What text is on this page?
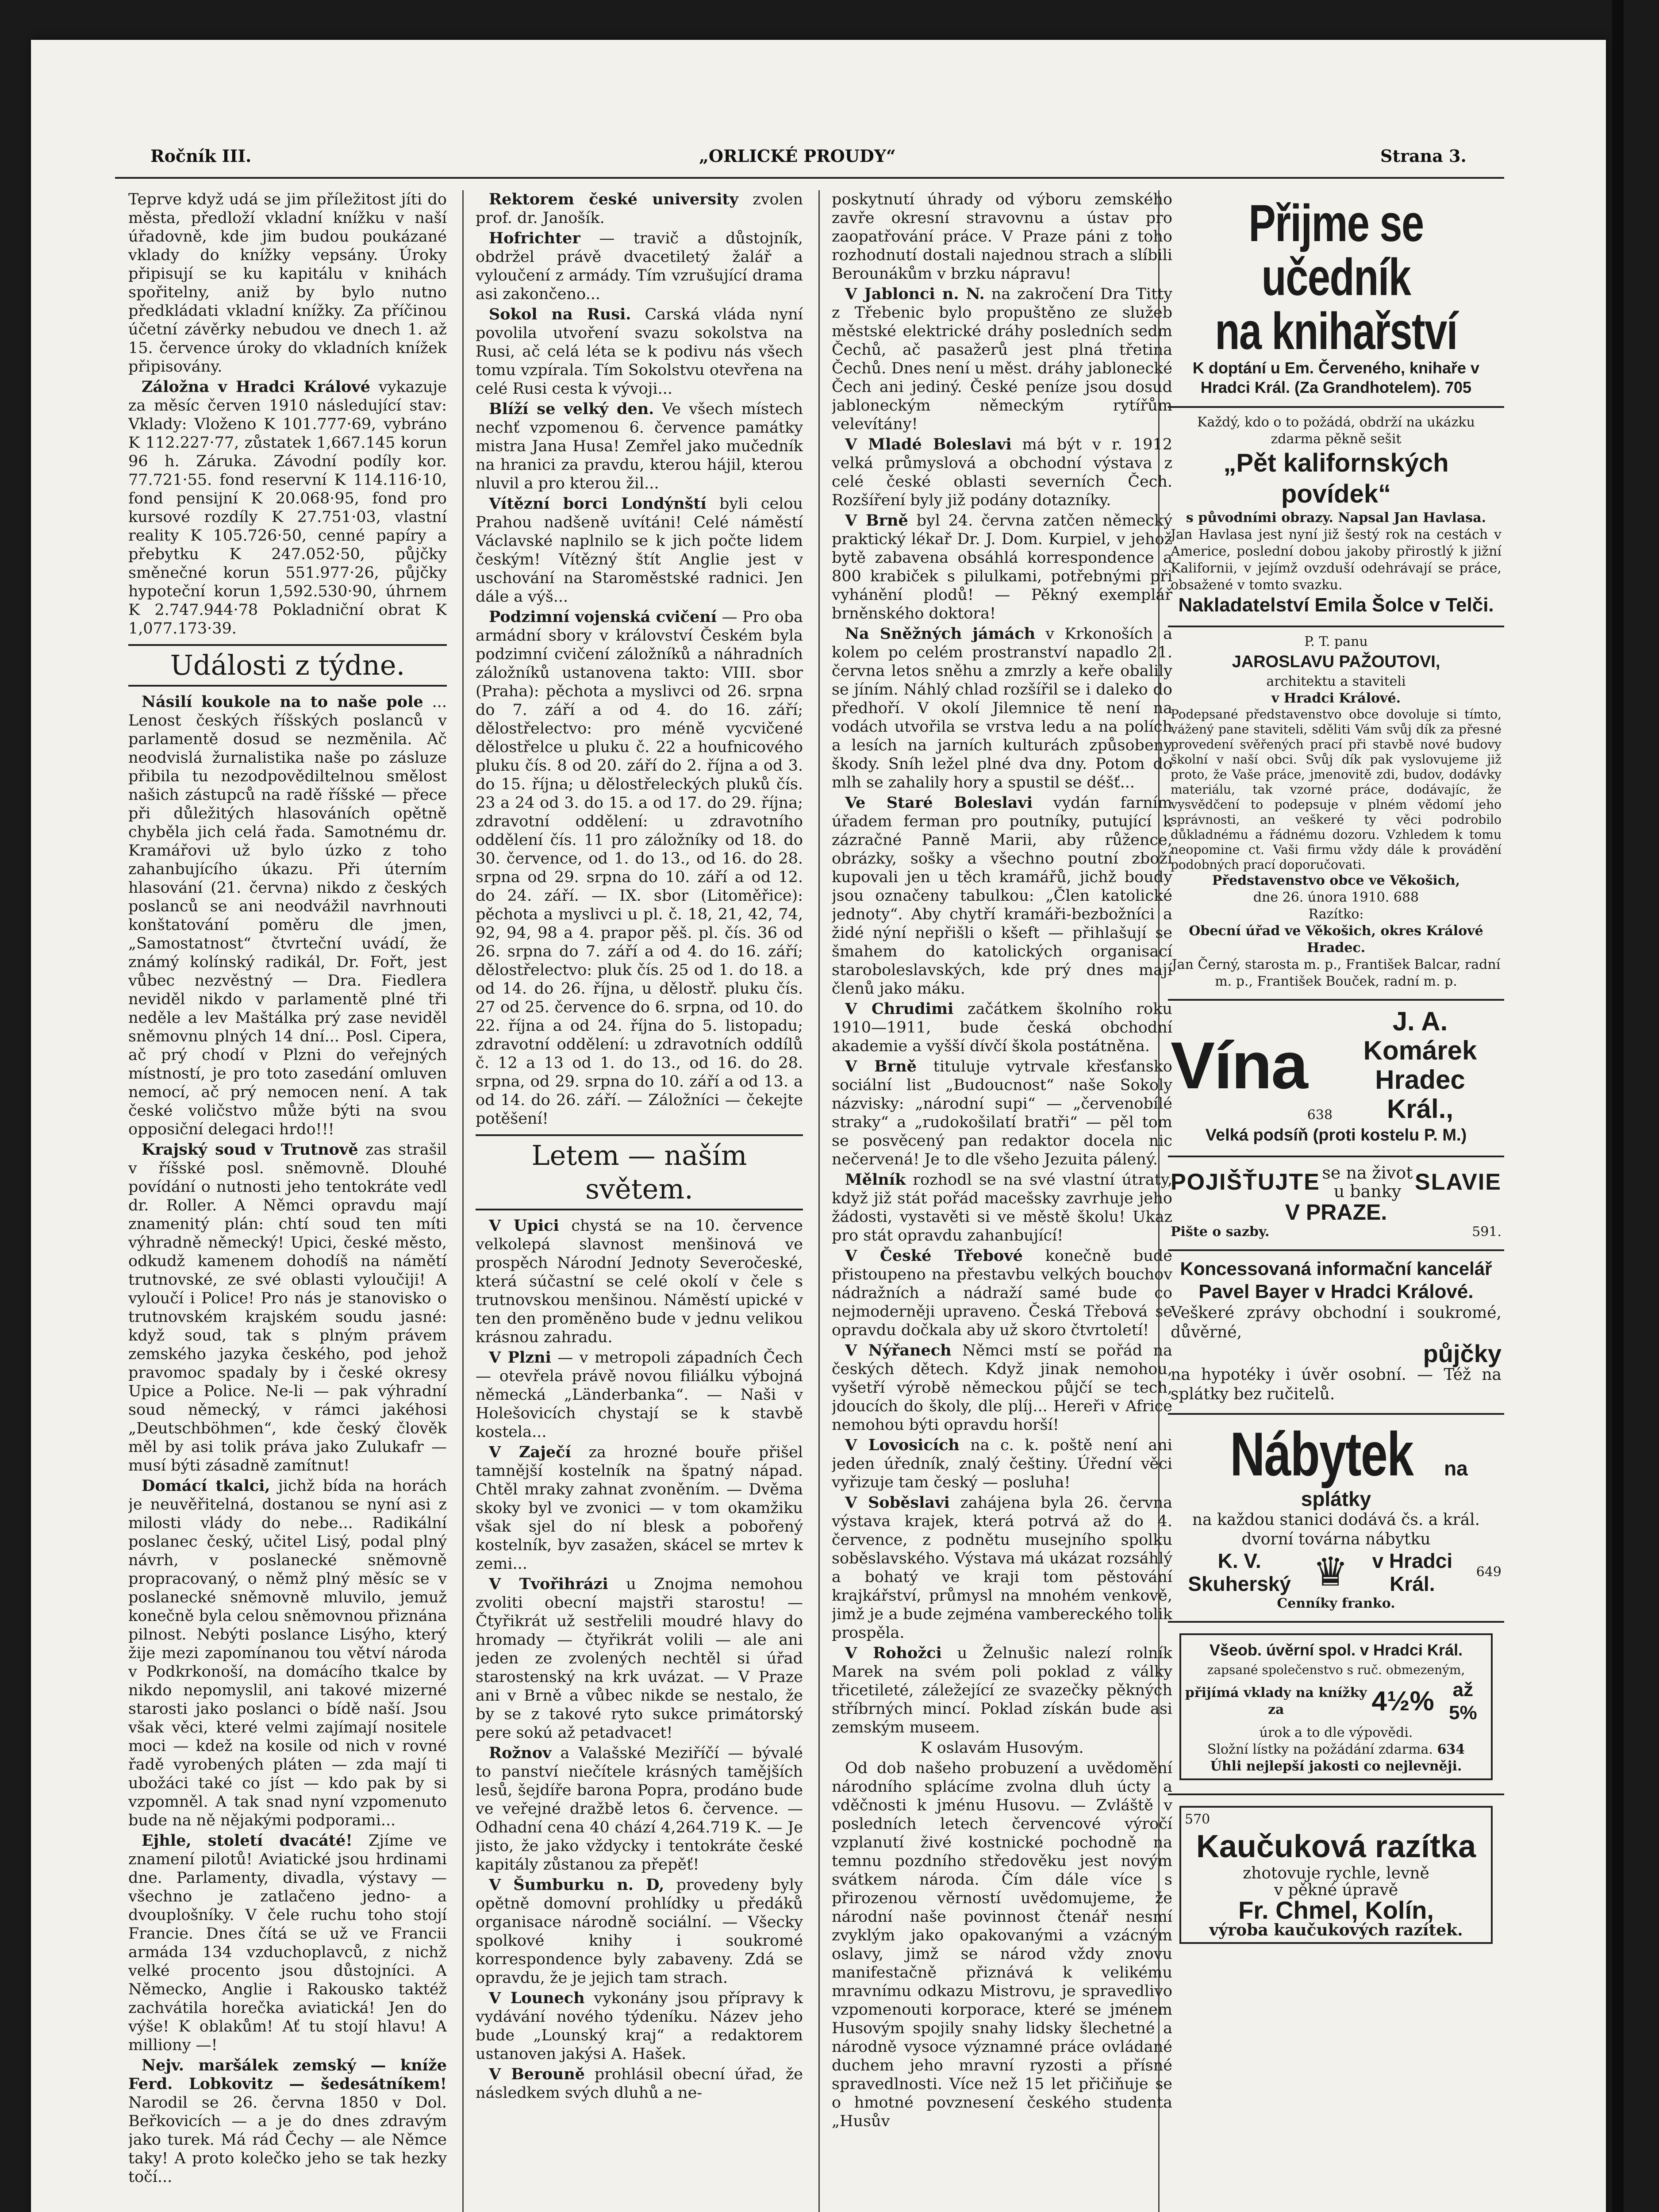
Ročník III.	„ORLICKÉ PROUDY“	Strana 3.

Teprve když udá se jim příležitost jíti do města, předloží vkladní knížku v naší úřadovně, kde jim budou poukázané vklady do knížky vepsány. Úroky připisují se ku kapitálu v knihách spořitelny, aniž by bylo nutno předkládati vkladní knížky. Za příčinou účetní závěrky nebudou ve dnech 1. až 15. července úroky do vkladních knížek připisovány.

Záložna v Hradci Králové vykazuje za měsíc červen 1910 následující stav: Vklady: Vloženo K 101.777·69, vybráno K 112.227·77, zůstatek 1,667.145 korun 96 h. Záruka. Závodní podíly kor. 77.721·55. fond reservní K 114.116·10, fond pensijní K 20.068·95, fond pro kursové rozdíly K 27.751·03, vlastní reality K 105.726·50, cenné papíry a přebytku K 247.052·50, půjčky směnečné korun 551.977·26, půjčky hypoteční korun 1,592.530·90, úhrnem K 2.747.944·78 Pokladniční obrat K 1,077.173·39.

Události z týdne.

Násilí koukole na to naše pole ... Lenost českých říšských poslanců v parlamentě dosud se nezměnila. Ač neodvislá žurnalistika naše po zásluze přibila tu nezodpovědiltelnou smělost našich zástupců na radě říšské — přece při důležitých hlasováních opětně chyběla jich celá řada. Samotnému dr. Kramářovi už bylo úzko z toho zahanbujícího úkazu. Při úterním hlasování (21. června) nikdo z českých poslanců se ani neodvážil navrhnouti konštatování poměru dle jmen, „Samostatnost“ čtvrteční uvádí, že známý kolínský radikál, Dr. Fořt, jest vůbec nezvěstný — Dra. Fiedlera neviděl nikdo v parlamentě plné tři neděle a lev Maštálka prý zase neviděl sněmovnu plných 14 dní... Posl. Cipera, ač prý chodí v Plzni do veřejných místností, je pro toto zasedání omluven nemocí, ač prý nemocen není. A tak české voličstvo může býti na svou opposiční delegaci hrdo!!!

Krajský soud v Trutnově zas strašil v říšské posl. sněmovně. Dlouhé povídání o nutnosti jeho tentokráte vedl dr. Roller. A Němci opravdu mají znamenitý plán: chtí soud ten míti výhradně německý! Upici, české město, odkudž kamenem dohodíš na námětí trutnovské, ze své oblasti vyloučiji! A vyloučí i Police! Pro nás je stanovisko o trutnovském krajském soudu jasné: když soud, tak s plným právem zemského jazyka českého, pod jehož pravomoc spadaly by i české okresy Upice a Police. Ne-li — pak výhradní soud německý, v rámci jakéhosi „Deutschböhmen“, kde český člověk měl by asi tolik práva jako Zulukafr — musí býti zásadně zamítnut!

Domácí tkalci, jichž bída na horách je neuvěřitelná, dostanou se nyní asi z milosti vlády do nebe... Radikální poslanec český, učitel Lisý, podal plný návrh, v poslanecké sněmovně propracovaný, o němž plný měsíc se v poslanecké sněmovně mluvilo, jemuž konečně byla celou sněmovnou přiznána pilnost. Nebýti poslance Lisýho, který žije mezi zapomínanou tou větví národa v Podkrkonoší, na domácího tkalce by nikdo nepomyslil, ani takové mizerné starosti jako poslanci o bídě naší. Jsou však věci, které velmi zajímají nositele moci — kdež na kosile od nich v rovné řadě vyrobených pláten — zda mají ti ubožáci také co jíst — kdo pak by si vzpomněl. A tak snad nyní vzpomenuto bude na ně nějakými podporami...

Ejhle, století dvacáté! Zjíme ve znamení pilotů! Aviatické jsou hrdinami dne. Parlamenty, divadla, výstavy — všechno je zatlačeno jedno- a dvouplošníky. V čele ruchu toho stojí Francie. Dnes čítá se už ve Francii armáda 134 vzduchoplavců, z nichž velké procento jsou důstojníci. A Německo, Anglie i Rakousko taktéž zachvátila horečka aviatická! Jen do výše! K oblakům! Ať tu stojí hlavu! A milliony —!

Nejv. maršálek zemský — kníže Ferd. Lobkovitz — šedesátníkem! Narodil se 26. června 1850 v Dol. Beřkovicích — a je do dnes zdravým jako turek. Má rád Čechy — ale Němce taky! A proto kolečko jeho se tak hezky točí...

Rektorem české university zvolen prof. dr. Janošík.

Hofrichter — travič a důstojník, obdržel právě dvacetiletý žalář a vyloučení z armády. Tím vzrušující drama asi zakončeno...

Sokol na Rusi. Carská vláda nyní povolila utvoření svazu sokolstva na Rusi, ač celá léta se k podivu nás všech tomu vzpírala. Tím Sokolstvu otevřena na celé Rusi cesta k vývoji...

Blíží se velký den. Ve všech místech nechť vzpomenou 6. července památky mistra Jana Husa! Zemřel jako mučedník na hranici za pravdu, kterou hájil, kterou nluvil a pro kterou žil...

Vítězní borci Londýnští byli celou Prahou nadšeně uvítáni! Celé náměstí Václavské naplnilo se k jich počte lidem českým! Vítězný štít Anglie jest v uschování na Staroměstské radnici. Jen dále a výš...

Podzimní vojenská cvičení — Pro oba armádní sbory v království Českém byla podzimní cvičení záložníků a náhradních záložníků ustanovena takto: VIII. sbor (Praha): pěchota a myslivci od 26. srpna do 7. září a od 4. do 16. září; dělostřelectvo: pro méně vycvičené dělostřelce u pluku č. 22 a houfnicového pluku čís. 8 od 20. září do 2. října a od 3. do 15. října; u dělostřeleckých pluků čís. 23 a 24 od 3. do 15. a od 17. do 29. října; zdravotní oddělení: u zdravotního oddělení čís. 11 pro záložníky od 18. do 30. července, od 1. do 13., od 16. do 28. srpna od 29. srpna do 10. září a od 12. do 24. září. — IX. sbor (Litoměřice): pěchota a myslivci u pl. č. 18, 21, 42, 74, 92, 94, 98 a 4. prapor pěš. pl. čís. 36 od 26. srpna do 7. září a od 4. do 16. září; dělostřelectvo: pluk čís. 25 od 1. do 18. a od 14. do 26. října, u dělostř. pluku čís. 27 od 25. července do 6. srpna, od 10. do 22. října a od 24. října do 5. listopadu; zdravotní oddělení: u zdravotních oddílů č. 12 a 13 od 1. do 13., od 16. do 28. srpna, od 29. srpna do 10. září a od 13. a od 14. do 26. září. — Záložníci — čekejte potěšení!

Letem — naším světem.

V Upici chystá se na 10. července velkolepá slavnost menšinová ve prospěch Národní Jednoty Severočeské, která súčastní se celé okolí v čele s trutnovskou menšinou. Náměstí upické v ten den proměněno bude v jednu velikou krásnou zahradu.

V Plzni — v metropoli západních Čech — otevřela právě novou filiálku výbojná německá „Länderbanka“. — Naši v Holešovicích chystají se k stavbě kostela...

V Zaječí za hrozné bouře přišel tamnější kostelník na špatný nápad. Chtěl mraky zahnat zvoněním. — Dvěma skoky byl ve zvonici — v tom okamžiku však sjel do ní blesk a pobořený kostelník, byv zasažen, skácel se mrtev k zemi...

V Tvořihrázi u Znojma nemohou zvoliti obecní majstři starostu! — Čtyřikrát už sestřelili moudré hlavy do hromady — čtyřikrát volili — ale ani jeden ze zvolených nechtěl si úřad starostenský na krk uvázat. — V Praze ani v Brně a vůbec nikde se nestalo, že by se z takové ryto sukce primátorský pere sokú až petadvacet!

Rožnov a Valašské Meziříčí — bývalé to panství niečítele krásných tamějších lesů, šejdíře barona Popra, prodáno bude ve veřejné dražbě letos 6. července. — Odhadní cena 40 chází 4,264.719 K. — Je jisto, že jako vždycky i tentokráte české kapitály zůstanou za přepěť!

V Šumburku n. D, provedeny byly opětně domovní prohlídky u předáků organisace národně sociální. — Všecky spolkové knihy i soukromé korrespondence byly zabaveny. Zdá se opravdu, že je jejich tam strach.

V Lounech vykonány jsou přípravy k vydávání nového týdeníku. Název jeho bude „Lounský kraj“ a redaktorem ustanoven jakýsi A. Hašek.

V Berouně prohlásil obecní úřad, že následkem svých dluhů a ne-

poskytnutí úhrady od výboru zemského zavře okresní stravovnu a ústav pro zaopatřování práce. V Praze páni z toho rozhodnutí dostali najednou strach a slíbili Berounákům v brzku nápravu!

V Jablonci n. N. na zakročení Dra Titty z Třebenic bylo propuštěno ze služeb městské elektrické dráhy posledních sedm Čechů, ač pasažerů jest plná třetina Čechů. Dnes není u měst. dráhy jablonecké Čech ani jediný. České peníze jsou dosud jabloneckým německým rytířům velevítány!

V Mladé Boleslavi má být v r. 1912 velká průmyslová a obchodní výstava z celé české oblasti severních Čech. Rozšíření byly již podány dotazníky.

V Brně byl 24. června zatčen německý praktický lékař Dr. J. Dom. Kurpiel, v jehož bytě zabavena obsáhlá korrespondence a 800 krabiček s pilulkami, potřebnými při vyhánění plodů! — Pěkný exemplář brněnského doktora!

Na Sněžných jámách v Krkonoších a kolem po celém prostranství napadlo 21. června letos sněhu a zmrzly a keře obalily se jíním. Náhlý chlad rozšířil se i daleko do předhoří. V okolí Jilemnice tě není na vodách utvořila se vrstva ledu a na polích a lesích na jarních kulturách způsobeny škody. Sníh ležel plné dva dny. Potom do mlh se zahalily hory a spustil se déšť...

Ve Staré Boleslavi vydán farním úřadem ferman pro poutníky, putující k zázračné Panně Marii, aby růžence, obrázky, sošky a všechno poutní zboží kupovali jen u těch kramářů, jichž boudy jsou označeny tabulkou: „Člen katolické jednoty“. Aby chytří kramáři-bezbožníci a židé nýní nepřišli o kšeft — přihlašují se šmahem do katolických organisací staroboleslavských, kde prý dnes mají členů jako máku.

V Chrudimi začátkem školního roku 1910—1911, bude česká obchodní akademie a vyšší dívčí škola postátněna.

V Brně tituluje vytrvale křesťansko sociální list „Budoucnost“ naše Sokoly názvisky: „národní supi“ — „červenobílé straky“ a „rudokošilatí bratři“ — pěl tom se posvěcený pan redaktor docela nic nečervená! Je to dle všeho Jezuita pálený.

Mělník rozhodl se na své vlastní útraty, když již stát pořád macešsky zavrhuje jeho žádosti, vystavěti si ve městě školu! Ukaz pro stát opravdu zahanbující!

V České Třebové konečně bude přistoupeno na přestavbu velkých bouchov nádražních a nádraží samé bude co nejmoderněji upraveno. Česká Třebová se opravdu dočkala aby už skoro čtvrtoletí!

V Nýřanech Němci mstí se pořád na českých dětech. Když jinak nemohou, vyšetří výrobě německou půjčí se tech, jdoucích do školy, dle plíj... Hereři v Africe nemohou býti opravdu horší!

V Lovosicích na c. k. poště není ani jeden úředník, znalý češtiny. Úřední věci vyřizuje tam český — posluha!

V Soběslavi zahájena byla 26. června výstava krajek, která potrvá až do 4. července, z podnětu musejního spolku soběslavského. Výstava má ukázat rozsáhlý a bohatý ve kraji tom pěstování krajkářství, průmysl na mnohém venkově, jimž je a bude zejména vambereckého tolik prospěla.

V Rohožci u Želnušic nalezí rolník Marek na svém poli poklad z války třicetileté, záležející ze svazečky pěkných stříbrných mincí. Poklad získán bude asi zemským museem.

K oslavám Husovým.

Od dob našeho probuzení a uvědomění národního splácíme zvolna dluh úcty a vděčnosti k jménu Husovu. — Zvláště v posledních letech červencové výročí vzplanutí živé kostnické pochodně na temnu pozdního středověku jest novým svátkem národa. Čím dále více s přirozenou věrností uvědomujeme, že národní naše povinnost čtenář nesmí zvyklým jako opakovanými a vzácným oslavy, jimž se národ vždy znovu manifestačně přiznává k velikému mravnímu odkazu Mistrovu, je spravedlivo vzpomenouti korporace, které se jménem Husovým spojily snahy lidsky šlechetné a národně vysoce významné práce ovládané duchem jeho mravní ryzosti a přísné spravedlnosti. Více než 15 let přičiňuje se o hmotné povznesení českého studenta „Husův

Přijme se učedník
na knihařství
K doptání u Em. Červeného, knihaře v Hradci Král. (Za Grandhotelem). 705
Každý, kdo o to požádá, obdrží na ukázku zdarma pěkně sešit
„Pět kalifornských povídek“
s původními obrazy. Napsal Jan Havlasa.
Jan Havlasa jest nyní již šestý rok na cestách v Americe, poslední dobou jakoby přirostlý k jižní Kalifornii, v jejímž ovzduší odehrávají se práce, obsažené v tomto svazku.
Nakladatelství Emila Šolce v Telči.
P. T. panu
JAROSLAVU PAŽOUTOVI,
architektu a staviteli
v Hradci Králové.
Podepsané představenstvo obce dovoluje si tímto, vážený pane staviteli, sděliti Vám svůj dík za přesné provedení svěřených prací při stavbě nové budovy školní v naší obci. Svůj dík pak vyslovujeme již proto, že Vaše práce, jmenovitě zdi, budov, dodávky materiálu, tak vzorné práce, dodávajíc, že vysvědčení to podepsuje v plném vědomí jeho správnosti, an veškeré ty věci podrobilo důkladnému a řádnému dozoru. Vzhledem k tomu neopomine ct. Vaši firmu vždy dále k provádění podobných prací doporučovati.
Představenstvo obce ve Věkošich,
dne 26. února 1910. 688
Razítko:
Obecní úřad ve Věkošich, okres Králové Hradec.
Jan Černý, starosta m. p., František Balcar, radní m. p., František Bouček, radní m. p.
Vína
638
J. A. Komárek
Hradec Král.,
Velká podsíň (proti kostelu P. M.)
POJIŠŤUJTE se na život
u banky SLAVIE
V PRAZE.
Pište o sazby.	591.
Koncessovaná informační kancelář
Pavel Bayer v Hradci Králové.
Veškeré zprávy obchodní i soukromé, důvěrné,
půjčky
na hypotéky i úvěr osobní. — Též na splátky bez ručitelů.
Nábytek na splátky
na každou stanici dodává čs. a král. dvorní továrna nábytku
K. V. Skuherský ♛	v Hradci Král.
649
Cenníky franko.
Všeob. úvěrní spol. v Hradci Král.
zapsané společenstvo s ruč. obmezeným,
přijímá vklady na knížky za	4½% až 5%
úrok a to dle výpovědi.
Složní lístky na požádání zdarma. 634
Úhli nejlepší jakosti co nejlevněji.
570
Kaučuková razítka
zhotovuje rychle, levně
v pěkné úpravě
Fr. Chmel, Kolín,
výroba kaučukových razítek.
